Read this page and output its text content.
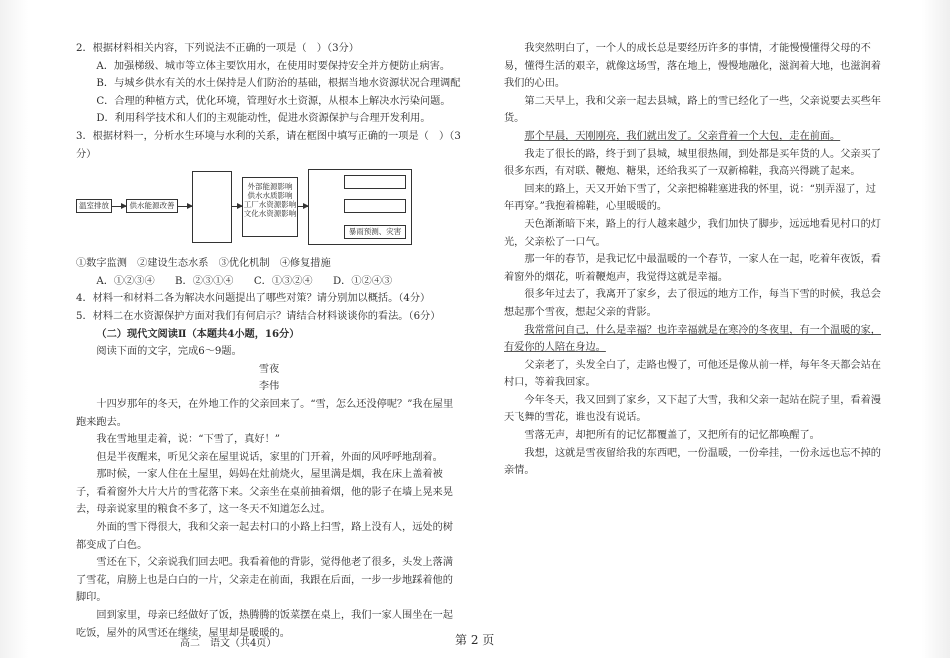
2．根据材料相关内容，下列说法不正确的一项是（　）（3分）

A．加强梯级、城市等立体主要饮用水，在使用时要保持安全并方便防止病害。

B．与城乡供水有关的水土保持是人们防治的基础，根据当地水资源状况合理调配

C．合理的种植方式，优化环境，管理好水土资源，从根本上解决水污染问题。

D．利用科学技术和人们的主观能动性，促进水资源保护与合理开发利用。

3．根据材料一，分析水生环境与水利的关系，请在框图中填写正确的一项是（　）（3分）

温室排放	供水能源改善
外部能源影响
供水水质影响
工厂水资源影响
文化水资源影响
暴雨预测、灾害

①数字监测　②建设生态水系　③优化机制　④修复措施

A．①②③④　　B．②③①④　　C．①③②④　　D．①②④③

4．材料一和材料二各为解决水问题提出了哪些对策？请分别加以概括。（4分）

5．材料二在水资源保护方面对我们有何启示？请结合材料谈谈你的看法。（6分）

（二）现代文阅读Ⅱ（本题共4小题，16分）

阅读下面的文字，完成6～9题。

雪夜

李伟

十四岁那年的冬天，在外地工作的父亲回来了。“雪，怎么还没停呢？”我在屋里跑来跑去。

我在雪地里走着，说：“下雪了，真好！”

但是半夜醒来，听见父亲在屋里说话，家里的门开着，外面的风呼呼地刮着。

那时候，一家人住在土屋里，妈妈在灶前烧火，屋里满是烟，我在床上盖着被子，看着窗外大片大片的雪花落下来。父亲坐在桌前抽着烟，他的影子在墙上晃来晃去，母亲说家里的粮食不多了，这一冬天不知道怎么过。

外面的雪下得很大，我和父亲一起去村口的小路上扫雪，路上没有人，远处的树都变成了白色。

雪还在下，父亲说我们回去吧。我看着他的背影，觉得他老了很多，头发上落满了雪花，肩膀上也是白白的一片，父亲走在前面，我跟在后面，一步一步地踩着他的脚印。

回到家里，母亲已经做好了饭，热腾腾的饭菜摆在桌上，我们一家人围坐在一起吃饭，屋外的风雪还在继续，屋里却是暖暖的。

我突然明白了，一个人的成长总是要经历许多的事情，才能慢慢懂得父母的不易，懂得生活的艰辛，就像这场雪，落在地上，慢慢地融化，滋润着大地，也滋润着我们的心田。

第二天早上，我和父亲一起去县城，路上的雪已经化了一些，父亲说要去买些年货。

那个早晨，天刚刚亮，我们就出发了。父亲背着一个大包，走在前面。

我走了很长的路，终于到了县城，城里很热闹，到处都是买年货的人。父亲买了很多东西，有对联、鞭炮、糖果，还给我买了一双新棉鞋，我高兴得跳了起来。

回来的路上，天又开始下雪了，父亲把棉鞋塞进我的怀里，说：“别弄湿了，过年再穿。”我抱着棉鞋，心里暖暖的。

天色渐渐暗下来，路上的行人越来越少，我们加快了脚步，远远地看见村口的灯光，父亲松了一口气。

那一年的春节，是我记忆中最温暖的一个春节，一家人在一起，吃着年夜饭，看着窗外的烟花，听着鞭炮声，我觉得这就是幸福。

很多年过去了，我离开了家乡，去了很远的地方工作，每当下雪的时候，我总会想起那个雪夜，想起父亲的背影。

我常常问自己，什么是幸福？也许幸福就是在寒冷的冬夜里，有一个温暖的家，有爱你的人陪在身边。

父亲老了，头发全白了，走路也慢了，可他还是像从前一样，每年冬天都会站在村口，等着我回家。

今年冬天，我又回到了家乡，又下起了大雪，我和父亲一起站在院子里，看着漫天飞舞的雪花，谁也没有说话。

雪落无声，却把所有的记忆都覆盖了，又把所有的记忆都唤醒了。

我想，这就是雪夜留给我的东西吧，一份温暖，一份牵挂，一份永远也忘不掉的亲情。

高二　语文（共4页）	第 2 页
